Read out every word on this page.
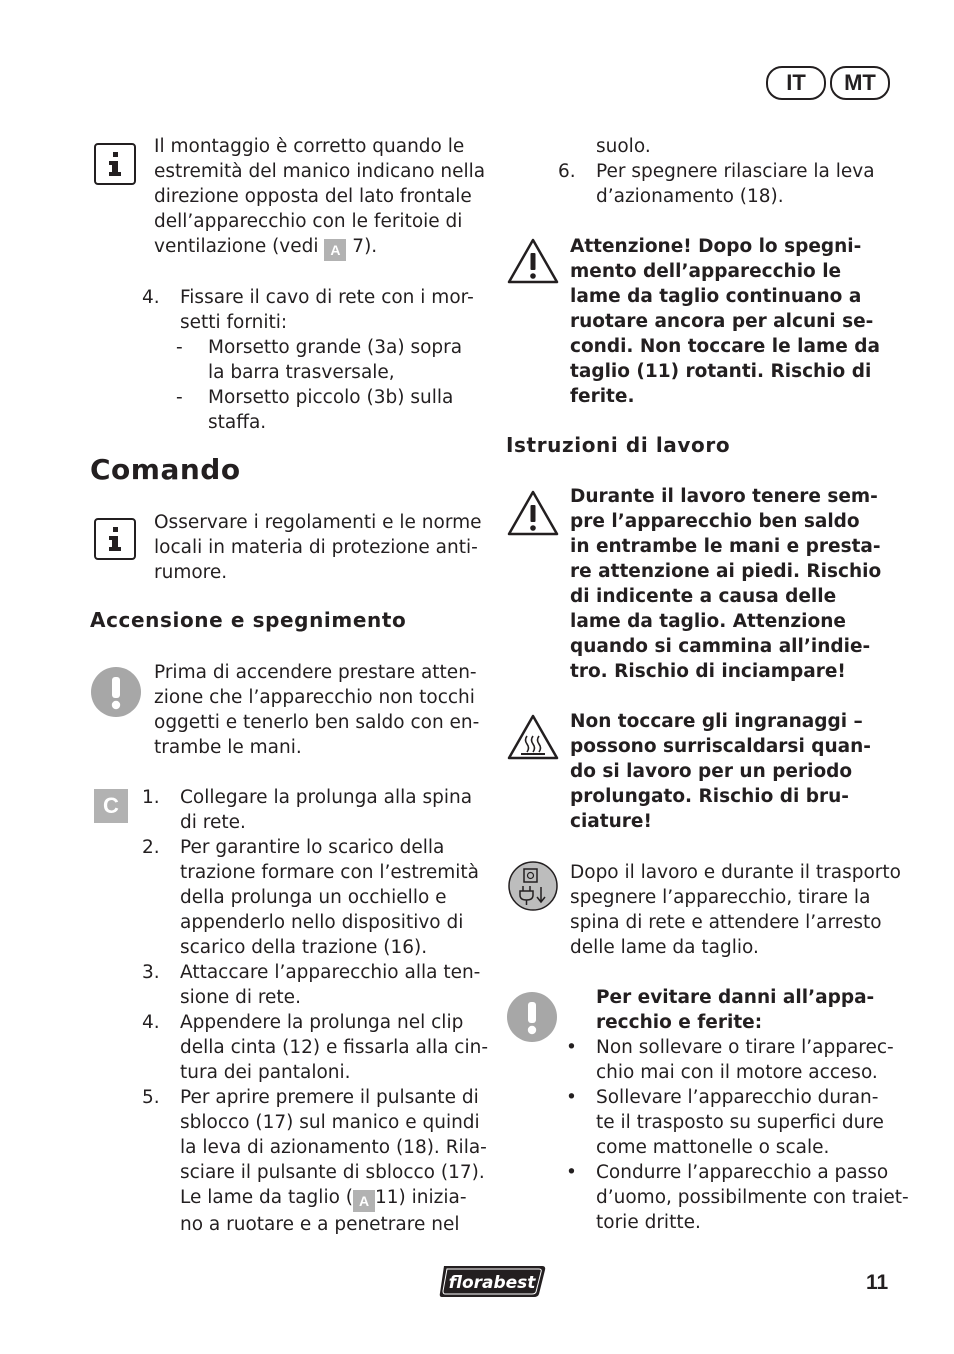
IT	MT
Il montaggio è corretto quando le
estremità del manico indicano nella
direzione opposta del lato frontale
dell’apparecchio con le feritoie di
ventilazione (vedi A 7).
4. Fissare il cavo di rete con i mor-
setti forniti:
- Morsetto grande (3a) sopra
la barra trasversale,
- Morsetto piccolo (3b) sulla
staffa.
Comando
Osservare i regolamenti e le norme
locali in materia di protezione anti-
rumore.
Accensione e spegnimento
Prima di accendere prestare atten-
zione che l’apparecchio non tocchi
oggetti e tenerlo ben saldo con en-
trambe le mani.
C	1. Collegare la prolunga alla spina
di rete.
2. Per garantire lo scarico della
trazione formare con l’estremità
della prolunga un occhiello e
appenderlo nello dispositivo di
scarico della trazione (16).
3. Attaccare l’apparecchio alla ten-
sione di rete.
4. Appendere la prolunga nel clip
della cinta (12) e fissarla alla cin-
tura dei pantaloni.
5. Per aprire premere il pulsante di
sblocco (17) sul manico e quindi
la leva di azionamento (18). Rila-
sciare il pulsante di sblocco (17).
Le lame da taglio ( A 11) inizia-
no a ruotare e a penetrare nel
suolo.
6. Per spegnere rilasciare la leva
d’azionamento (18).
Attenzione! Dopo lo spegni-
mento dell’apparecchio le
lame da taglio continuano a
ruotare ancora per alcuni se-
condi. Non toccare le lame da
taglio (11) rotanti. Rischio di
ferite.
Istruzioni di lavoro
Durante il lavoro tenere sem-
pre l’apparecchio ben saldo
in entrambe le mani e presta-
re attenzione ai piedi. Rischio
di indicente a causa delle
lame da taglio. Attenzione
quando si cammina all’indie-
tro. Rischio di inciampare!
Non toccare gli ingranaggi –
possono surriscaldarsi quan-
do si lavoro per un periodo
prolungato. Rischio di bru-
ciature!
Dopo il lavoro e durante il trasporto
spegnere l’apparecchio, tirare la
spina di rete e attendere l’arresto
delle lame da taglio.
Per evitare danni all’appa-
recchio e ferite:
• Non sollevare o tirare l’apparec-
chio mai con il motore acceso.
• Sollevare l’apparecchio duran-
te il trasposto su superfici dure
come mattonelle o scale.
• Condurre l’apparecchio a passo
d’uomo, possibilmente con traiet-
torie dritte.
florabest	11
